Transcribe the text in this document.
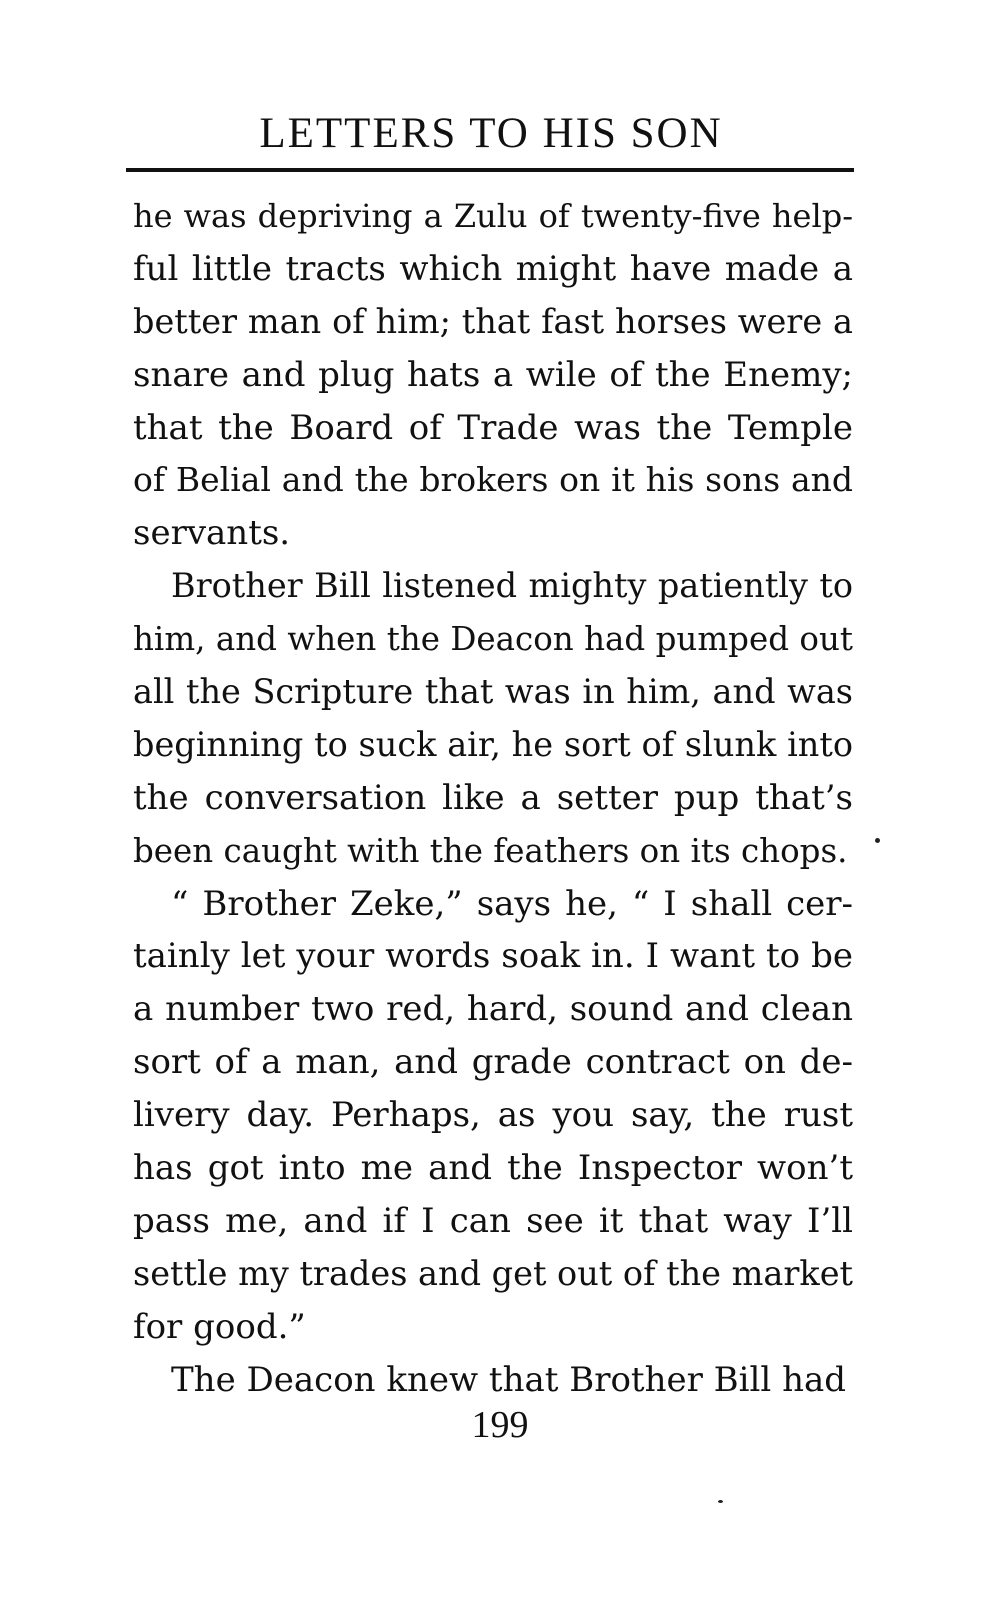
LETTERS TO HIS SON
he was depriving a Zulu of twenty-five help-
ful little tracts which might have made a
better man of him; that fast horses were a
snare and plug hats a wile of the Enemy;
that the Board of Trade was the Temple
of Belial and the brokers on it his sons and
servants.
Brother Bill listened mighty patiently to
him, and when the Deacon had pumped out
all the Scripture that was in him, and was
beginning to suck air, he sort of slunk into
the conversation like a setter pup that’s
been caught with the feathers on its chops.
“ Brother Zeke,” says he, “ I shall cer-
tainly let your words soak in. I want to be
a number two red, hard, sound and clean
sort of a man, and grade contract on de-
livery day. Perhaps, as you say, the rust
has got into me and the Inspector won’t
pass me, and if I can see it that way I’ll
settle my trades and get out of the market
for good.”
The Deacon knew that Brother Bill had
199
